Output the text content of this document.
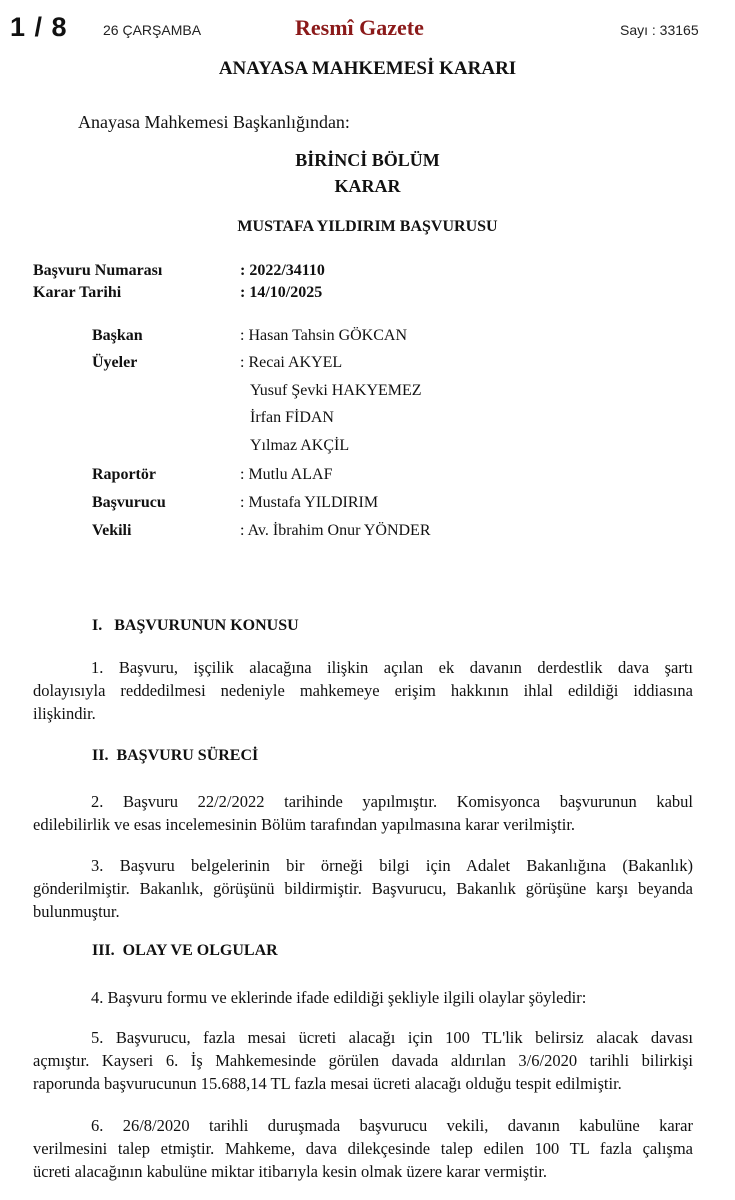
1 / 8	26 ÇARŞAMBA	Resmî Gazete	Sayı : 33165
ANAYASA MAHKEMESİ KARARI
Anayasa Mahkemesi Başkanlığından:
BİRİNCİ BÖLÜM
KARAR
MUSTAFA YILDIRIM BAŞVURUSU
Başvuru Numarası	: 2022/34110
Karar Tarihi	: 14/10/2025
Başkan	: Hasan Tahsin GÖKCAN
Üyeler	: Recai AKYEL
Yusuf Şevki HAKYEMEZ
İrfan FİDAN
Yılmaz AKÇİL
Raportör	: Mutlu ALAF
Başvurucu	: Mustafa YILDIRIM
Vekili	: Av. İbrahim Onur YÖNDER
I.   BAŞVURUNUN KONUSU
1. Başvuru, işçilik alacağına ilişkin açılan ek davanın derdestlik dava şartı
dolayısıyla reddedilmesi nedeniyle mahkemeye erişim hakkının ihlal edildiği iddiasına
ilişkindir.
II.  BAŞVURU SÜRECİ
2. Başvuru 22/2/2022 tarihinde yapılmıştır. Komisyonca başvurunun kabul
edilebilirlik ve esas incelemesinin Bölüm tarafından yapılmasına karar verilmiştir.
3. Başvuru belgelerinin bir örneği bilgi için Adalet Bakanlığına (Bakanlık)
gönderilmiştir. Bakanlık, görüşünü bildirmiştir. Başvurucu, Bakanlık görüşüne karşı beyanda
bulunmuştur.
III.  OLAY VE OLGULAR
4. Başvuru formu ve eklerinde ifade edildiği şekliyle ilgili olaylar şöyledir:
5. Başvurucu, fazla mesai ücreti alacağı için 100 TL'lik belirsiz alacak davası
açmıştır. Kayseri 6. İş Mahkemesinde görülen davada aldırılan 3/6/2020 tarihli bilirkişi
raporunda başvurucunun 15.688,14 TL fazla mesai ücreti alacağı olduğu tespit edilmiştir.
6. 26/8/2020 tarihli duruşmada başvurucu vekili, davanın kabulüne karar
verilmesini talep etmiştir. Mahkeme, dava dilekçesinde talep edilen 100 TL fazla çalışma
ücreti alacağının kabulüne miktar itibarıyla kesin olmak üzere karar vermiştir.
